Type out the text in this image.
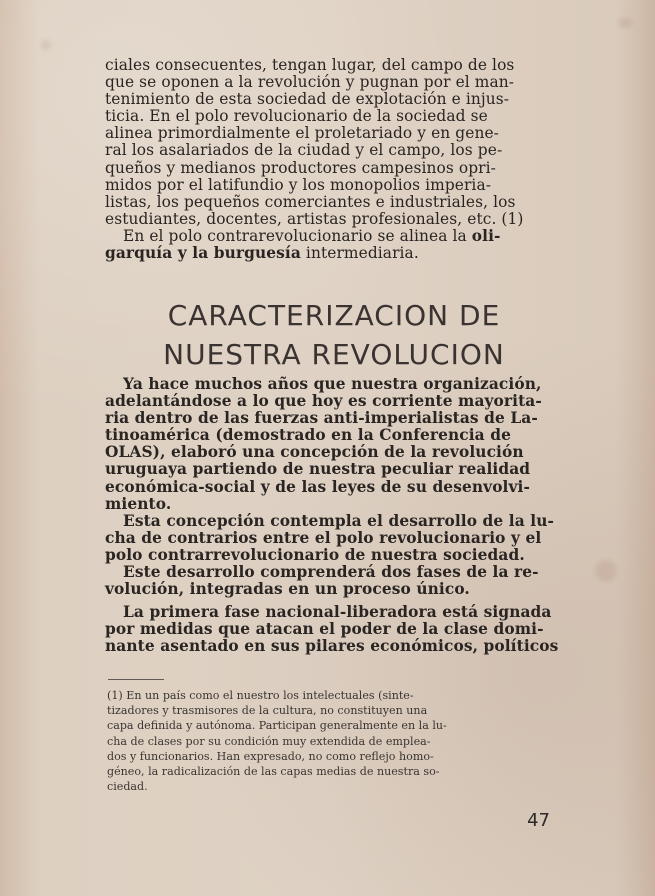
ciales consecuentes, tengan lugar, del campo de los
que se oponen a la revolución y pugnan por el man-
tenimiento de esta sociedad de explotación e injus-
ticia. En el polo revolucionario de la sociedad se
alinea primordialmente el proletariado y en gene-
ral los asalariados de la ciudad y el campo, los pe-
queños y medianos productores campesinos opri-
midos por el latifundio y los monopolios imperia-
listas, los pequeños comerciantes e industriales, los
estudiantes, docentes, artistas profesionales, etc. (1)
En el polo contrarevolucionario se alinea la oli-
garquía y la burguesía intermediaria.
CARACTERIZACION DE
NUESTRA REVOLUCION
Ya hace muchos años que nuestra organización,
adelantándose a lo que hoy es corriente mayorita-
ria dentro de las fuerzas anti-imperialistas de La-
tinoamérica (demostrado en la Conferencia de
OLAS), elaboró una concepción de la revolución
uruguaya partiendo de nuestra peculiar realidad
económica-social y de las leyes de su desenvolvi-
miento.
Esta concepción contempla el desarrollo de la lu-
cha de contrarios entre el polo revolucionario y el
polo contrarrevolucionario de nuestra sociedad.
Este desarrollo comprenderá dos fases de la re-
volución, integradas en un proceso único.
La primera fase nacional-liberadora está signada
por medidas que atacan el poder de la clase domi-
nante asentado en sus pilares económicos, políticos
(1) En un país como el nuestro los intelectuales (sinte-
tizadores y trasmisores de la cultura, no constituyen una
capa definida y autónoma. Participan generalmente en la lu-
cha de clases por su condición muy extendida de emplea-
dos y funcionarios. Han expresado, no como reflejo homo-
géneo, la radicalización de las capas medias de nuestra so-
ciedad.
47
